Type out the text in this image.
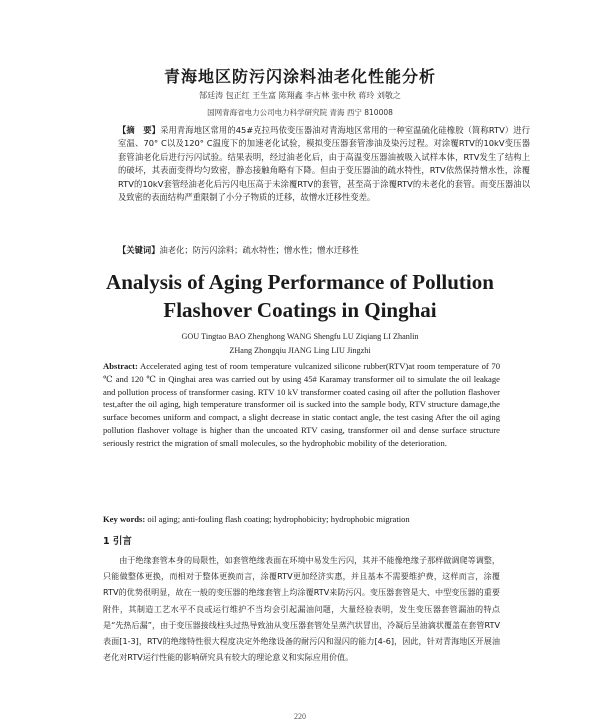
青海地区防污闪涂料油老化性能分析
郜廷涛 包正红 王生富 陈翔鑫 李占林 张中秋 蒋玲 刘敬之
国网青海省电力公司电力科学研究院 青海 西宁 810008
【摘　要】采用青海地区常用的45#克拉玛依变压器油对青海地区常用的一种室温硫化硅橡胶（简称RTV）进行室温、70° C以及120° C温度下的加速老化试验，模拟变压器套管渗油及染污过程。对涂覆RTV的10kV变压器套管油老化后进行污闪试验。结果表明，经过油老化后，由于高温变压器油被吸入试样本体，RTV发生了结构上的破坏，其表面变得均匀致密，静态接触角略有下降。但由于变压器油的疏水特性，RTV依然保持憎水性，涂覆RTV的10kV套管经油老化后污闪电压高于未涂覆RTV的套管，甚至高于涂覆RTV的未老化的套管。而变压器油以及致密的表面结构严重限制了小分子物质的迁移，故憎水迁移性变差。
【关键词】油老化；防污闪涂料；疏水特性；憎水性；憎水迁移性
Analysis of Aging Performance of Pollution
Flashover Coatings in Qinghai
GOU Tingtao BAO Zhenghong WANG Shengfu LU Ziqiang LI Zhanlin
ZHang Zhongqiu JIANG Ling LIU Jingzhi
Abstract: Accelerated aging test of room temperature vulcanized silicone rubber(RTV)at room temperature of 70 ℃ and 120 ℃ in Qinghai area was carried out by using 45# Karamay transformer oil to simulate the oil leakage and pollution process of transformer casing. RTV 10 kV transformer coated casing oil after the pollution flashover test,after the oil aging, high temperature transformer oil is sucked into the sample body, RTV structure damage,the surface becomes uniform and compact, a slight decrease in static contact angle, the test casing After the oil aging pollution flashover voltage is higher than the uncoated RTV casing, transformer oil and dense surface structure seriously restrict the migration of small molecules, so the hydrophobic mobility of the deterioration.
Key words: oil aging; anti-fouling flash coating; hydrophobicity; hydrophobic migration
1 引言
由于绝缘套管本身的局限性，如套管绝缘表面在环境中易发生污闪，其并不能像绝缘子那样做调爬等调整，只能做整体更换，而相对于整体更换而言，涂覆RTV更加经济实惠，并且基本不需要维护费，这样而言，涂覆RTV的优势很明显，故在一般的变压器的绝缘套管上均涂覆RTV来防污闪。变压器套管是大、中型变压器的重要附件，其制造工艺水平不良或运行维护不当均会引起漏油问题，大量经验表明，发生变压器套管漏油的特点是“先热后漏”，由于变压器接线柱头过热导致油从变压器套管处呈蒸汽状冒出，冷凝后呈油滴状覆盖在套管RTV表面[1-3]，RTV的绝缘特性很大程度决定外绝缘设备的耐污闪和湿闪的能力[4-6]，因此，针对青海地区开展油老化对RTV运行性能的影响研究具有较大的理论意义和实际应用价值。
220
